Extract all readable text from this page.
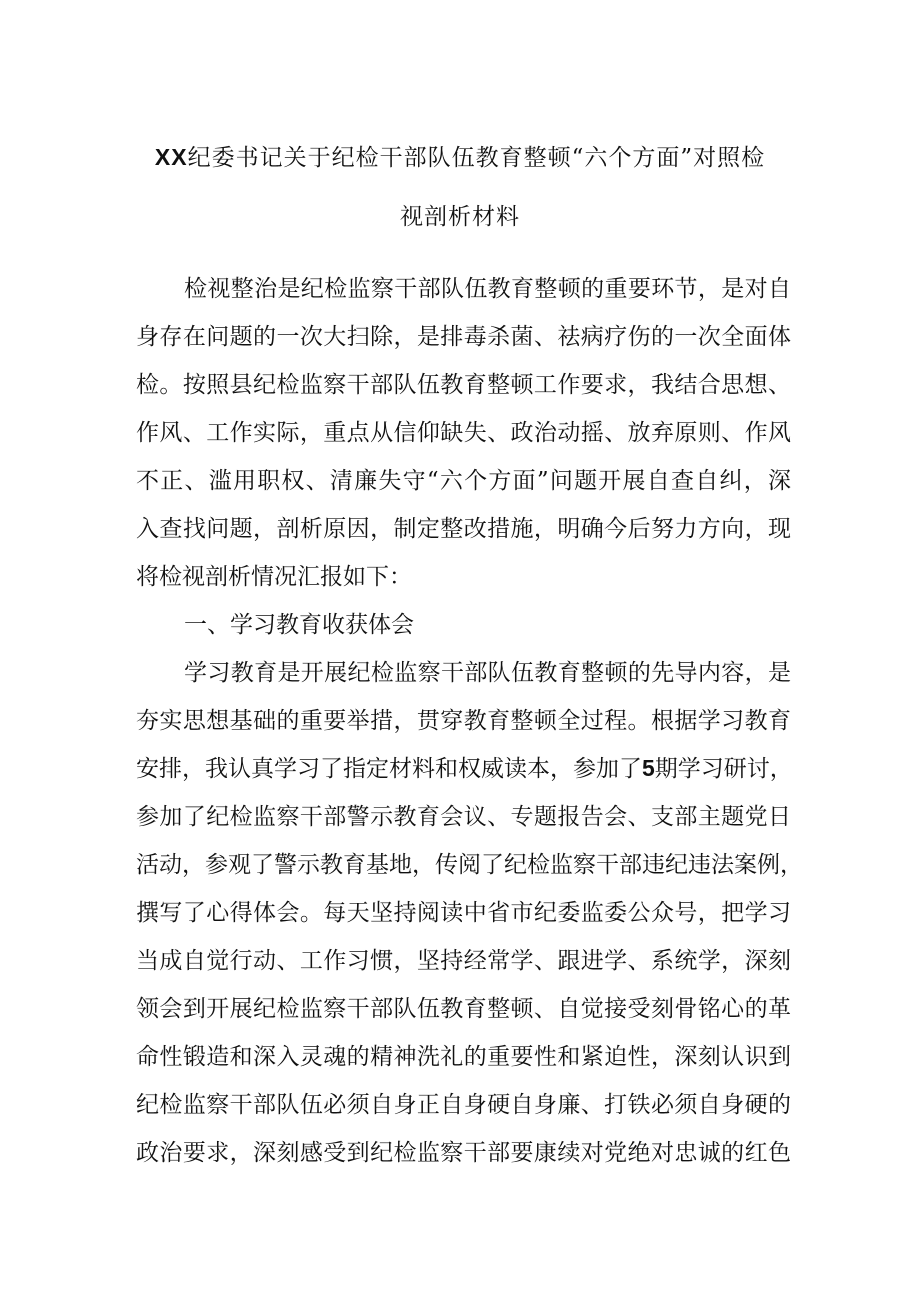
XX纪委书记关于纪检干部队伍教育整顿“六个方面”对照检
视剖析材料
检视整治是纪检监察干部队伍教育整顿的重要环节，是对自
身存在问题的一次大扫除，是排毒杀菌、祛病疗伤的一次全面体
检。按照县纪检监察干部队伍教育整顿工作要求，我结合思想、
作风、工作实际，重点从信仰缺失、政治动摇、放弃原则、作风
不正、滥用职权、清廉失守“六个方面”问题开展自查自纠，深
入查找问题，剖析原因，制定整改措施，明确今后努力方向，现
将检视剖析情况汇报如下：
一、学习教育收获体会
学习教育是开展纪检监察干部队伍教育整顿的先导内容，是
夯实思想基础的重要举措，贯穿教育整顿全过程。根据学习教育
安排，我认真学习了指定材料和权威读本，参加了5期学习研讨，
参加了纪检监察干部警示教育会议、专题报告会、支部主题党日
活动，参观了警示教育基地，传阅了纪检监察干部违纪违法案例，
撰写了心得体会。每天坚持阅读中省市纪委监委公众号，把学习
当成自觉行动、工作习惯，坚持经常学、跟进学、系统学，深刻
领会到开展纪检监察干部队伍教育整顿、自觉接受刻骨铭心的革
命性锻造和深入灵魂的精神洗礼的重要性和紧迫性，深刻认识到
纪检监察干部队伍必须自身正自身硬自身廉、打铁必须自身硬的
政治要求，深刻感受到纪检监察干部要康续对党绝对忠诚的红色
